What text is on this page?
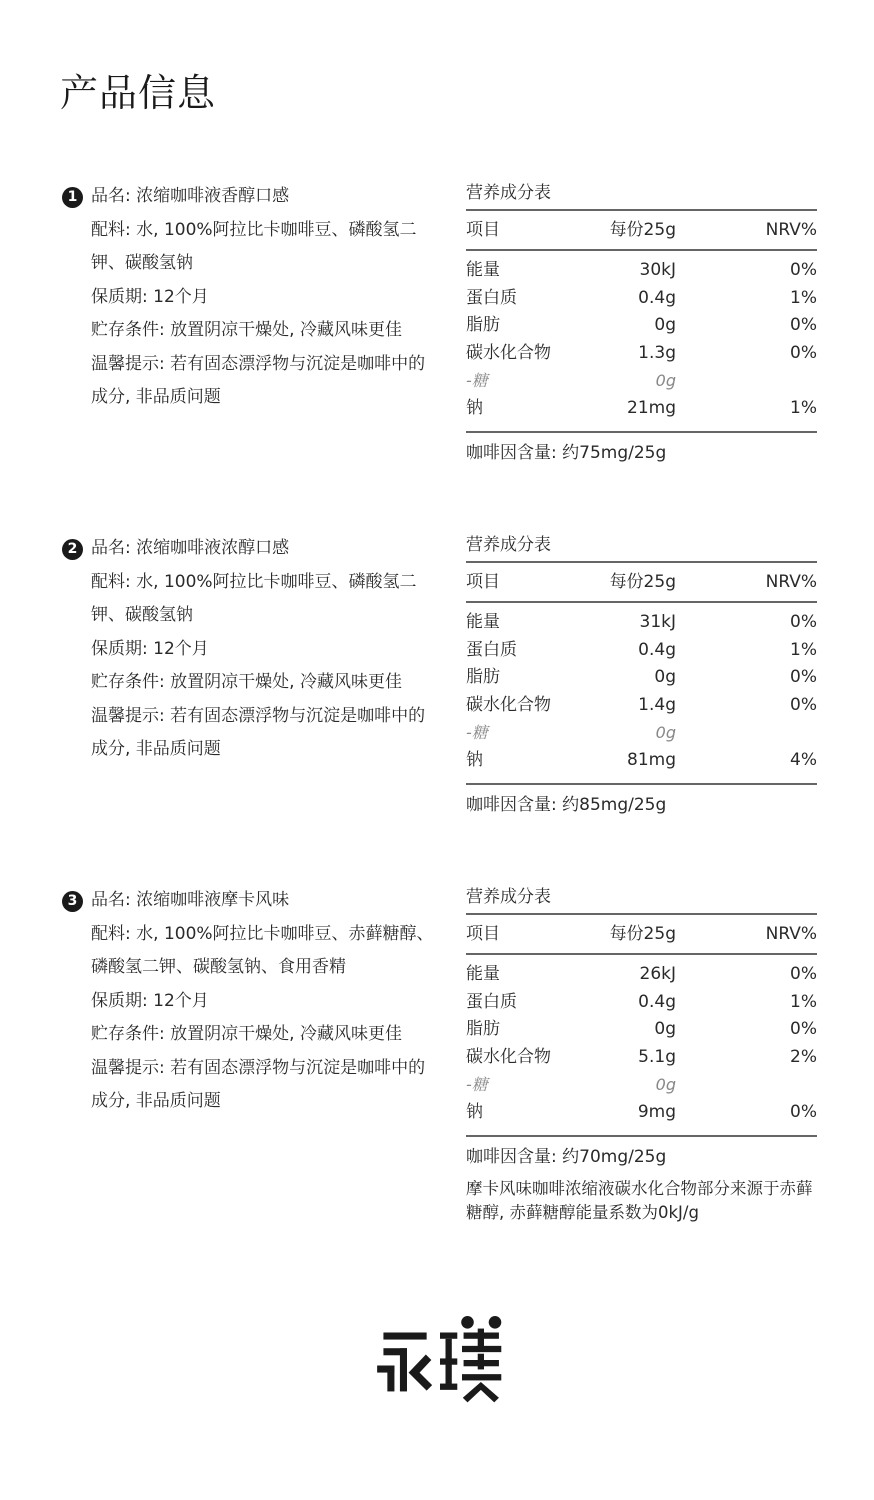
产品信息
1 品名: 浓缩咖啡液香醇口感
配料: 水, 100%阿拉比卡咖啡豆、磷酸氢二钾、碳酸氢钠
保质期: 12个月
贮存条件: 放置阴凉干燥处, 冷藏风味更佳
温馨提示: 若有固态漂浮物与沉淀是咖啡中的成分, 非品质问题
营养成分表
项目	每份25g	NRV%
能量	30kJ	0%
蛋白质	0.4g	1%
脂肪	0g	0%
碳水化合物	1.3g	0%
-糖	0g
钠	21mg	1%
咖啡因含量: 约75mg/25g
2 品名: 浓缩咖啡液浓醇口感
配料: 水, 100%阿拉比卡咖啡豆、磷酸氢二钾、碳酸氢钠
保质期: 12个月
贮存条件: 放置阴凉干燥处, 冷藏风味更佳
温馨提示: 若有固态漂浮物与沉淀是咖啡中的成分, 非品质问题
营养成分表
项目	每份25g	NRV%
能量	31kJ	0%
蛋白质	0.4g	1%
脂肪	0g	0%
碳水化合物	1.4g	0%
-糖	0g
钠	81mg	4%
咖啡因含量: 约85mg/25g
3 品名: 浓缩咖啡液摩卡风味
配料: 水, 100%阿拉比卡咖啡豆、赤藓糖醇、磷酸氢二钾、碳酸氢钠、食用香精
保质期: 12个月
贮存条件: 放置阴凉干燥处, 冷藏风味更佳
温馨提示: 若有固态漂浮物与沉淀是咖啡中的成分, 非品质问题
营养成分表
项目	每份25g	NRV%
能量	26kJ	0%
蛋白质	0.4g	1%
脂肪	0g	0%
碳水化合物	5.1g	2%
-糖	0g
钠	9mg	0%
咖啡因含量: 约70mg/25g
摩卡风味咖啡浓缩液碳水化合物部分来源于赤藓糖醇, 赤藓糖醇能量系数为0kJ/g
